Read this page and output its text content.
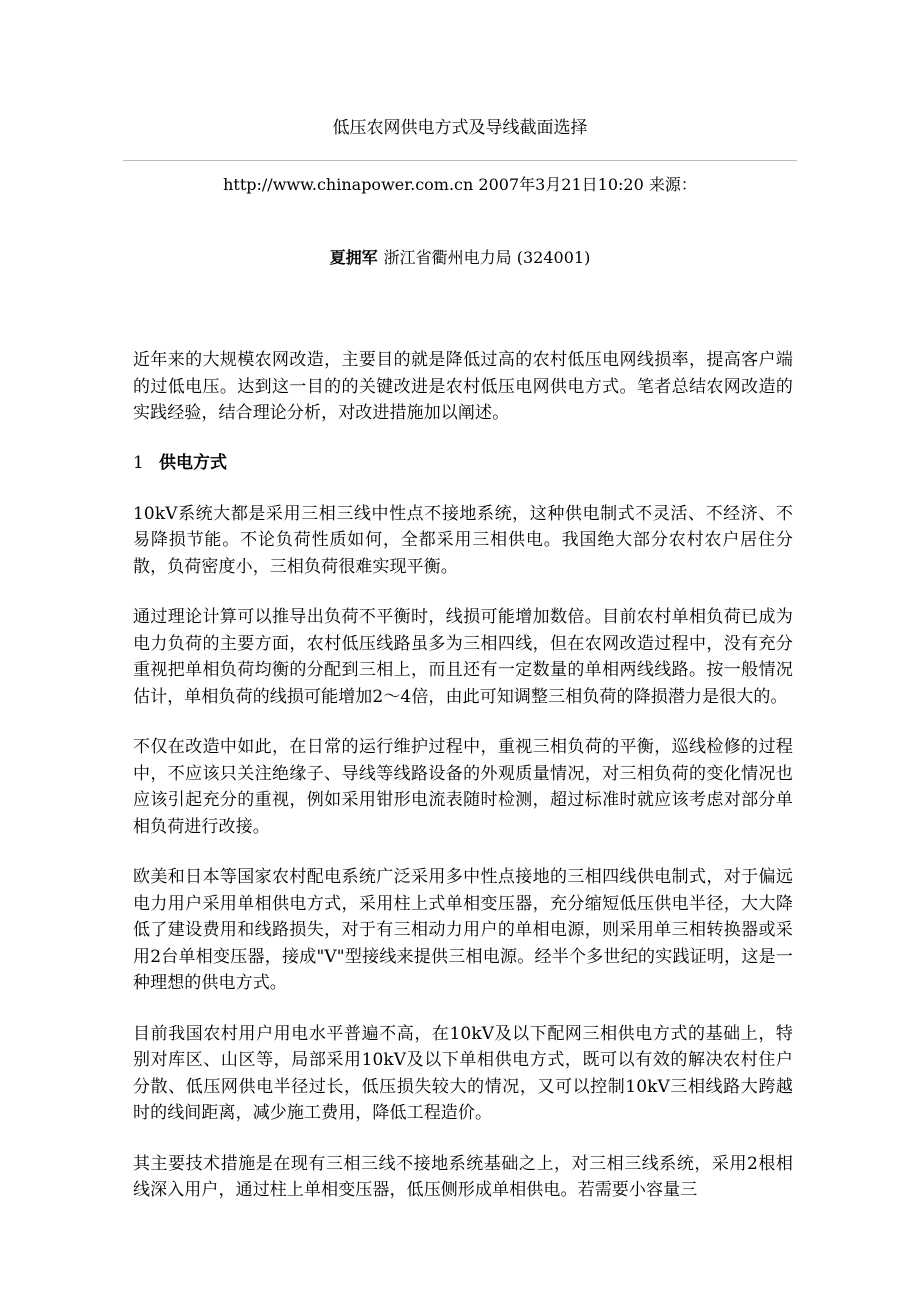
低压农网供电方式及导线截面选择
http://www.chinapower.com.cn 2007年3月21日10:20 来源：
夏拥军 浙江省衢州电力局 (324001)

近年来的大规模农网改造，主要目的就是降低过高的农村低压电网线损率，提高客户端的过低电压。达到这一目的的关键改进是农村低压电网供电方式。笔者总结农网改造的实践经验，结合理论分析，对改进措施加以阐述。

1 供电方式

10kV系统大都是采用三相三线中性点不接地系统，这种供电制式不灵活、不经济、不易降损节能。不论负荷性质如何，全都采用三相供电。我国绝大部分农村农户居住分散，负荷密度小，三相负荷很难实现平衡。

通过理论计算可以推导出负荷不平衡时，线损可能增加数倍。目前农村单相负荷已成为电力负荷的主要方面，农村低压线路虽多为三相四线，但在农网改造过程中，没有充分重视把单相负荷均衡的分配到三相上，而且还有一定数量的单相两线线路。按一般情况估计，单相负荷的线损可能增加2～4倍，由此可知调整三相负荷的降损潜力是很大的。

不仅在改造中如此，在日常的运行维护过程中，重视三相负荷的平衡，巡线检修的过程中，不应该只关注绝缘子、导线等线路设备的外观质量情况，对三相负荷的变化情况也应该引起充分的重视，例如采用钳形电流表随时检测，超过标准时就应该考虑对部分单相负荷进行改接。

欧美和日本等国家农村配电系统广泛采用多中性点接地的三相四线供电制式，对于偏远电力用户采用单相供电方式，采用柱上式单相变压器，充分缩短低压供电半径，大大降低了建设费用和线路损失，对于有三相动力用户的单相电源，则采用单三相转换器或采用2台单相变压器，接成"V"型接线来提供三相电源。经半个多世纪的实践证明，这是一种理想的供电方式。

目前我国农村用户用电水平普遍不高，在10kV及以下配网三相供电方式的基础上，特别对库区、山区等，局部采用10kV及以下单相供电方式，既可以有效的解决农村住户分散、低压网供电半径过长，低压损失较大的情况，又可以控制10kV三相线路大跨越时的线间距离，减少施工费用，降低工程造价。

其主要技术措施是在现有三相三线不接地系统基础之上，对三相三线系统，采用2根相线深入用户，通过柱上单相变压器，低压侧形成单相供电。若需要小容量三
